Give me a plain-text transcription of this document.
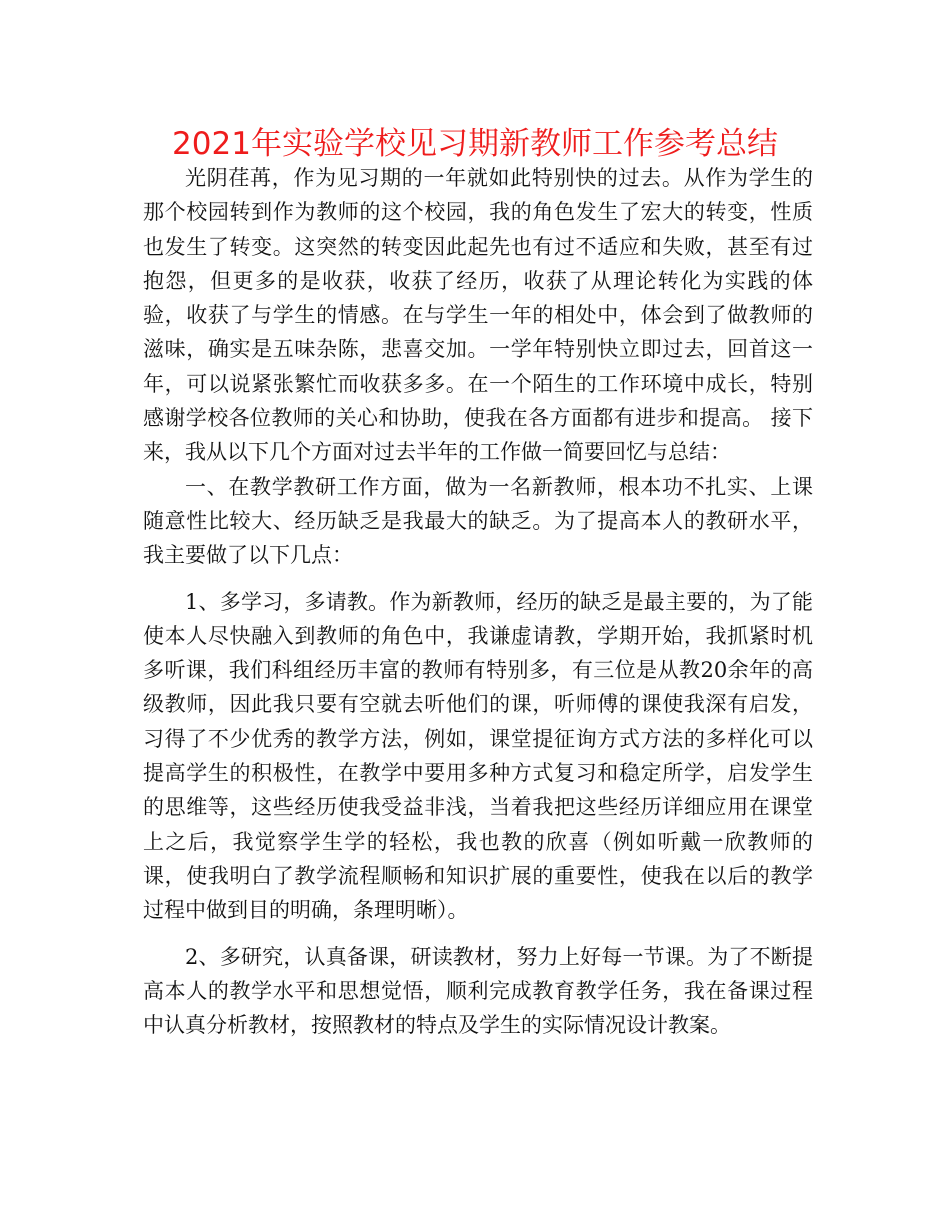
2021年实验学校见习期新教师工作参考总结

光阴荏苒，作为见习期的一年就如此特别快的过去。从作为学生的那个校园转到作为教师的这个校园，我的角色发生了宏大的转变，性质也发生了转变。这突然的转变因此起先也有过不适应和失败，甚至有过抱怨，但更多的是收获，收获了经历，收获了从理论转化为实践的体验，收获了与学生的情感。在与学生一年的相处中，体会到了做教师的滋味，确实是五味杂陈，悲喜交加。一学年特别快立即过去，回首这一年，可以说紧张繁忙而收获多多。在一个陌生的工作环境中成长，特别感谢学校各位教师的关心和协助，使我在各方面都有进步和提高。 接下来，我从以下几个方面对过去半年的工作做一简要回忆与总结：

一、在教学教研工作方面，做为一名新教师，根本功不扎实、上课随意性比较大、经历缺乏是我最大的缺乏。为了提高本人的教研水平，我主要做了以下几点：

1、多学习，多请教。作为新教师，经历的缺乏是最主要的，为了能使本人尽快融入到教师的角色中，我谦虚请教，学期开始，我抓紧时机多听课，我们科组经历丰富的教师有特别多，有三位是从教20余年的高级教师，因此我只要有空就去听他们的课，听师傅的课使我深有启发，习得了不少优秀的教学方法，例如，课堂提征询方式方法的多样化可以提高学生的积极性，在教学中要用多种方式复习和稳定所学，启发学生的思维等，这些经历使我受益非浅，当着我把这些经历详细应用在课堂上之后，我觉察学生学的轻松，我也教的欣喜（例如听戴一欣教师的课，使我明白了教学流程顺畅和知识扩展的重要性，使我在以后的教学过程中做到目的明确，条理明晰）。

2、多研究，认真备课，研读教材，努力上好每一节课。为了不断提高本人的教学水平和思想觉悟，顺利完成教育教学任务，我在备课过程中认真分析教材，按照教材的特点及学生的实际情况设计教案。
